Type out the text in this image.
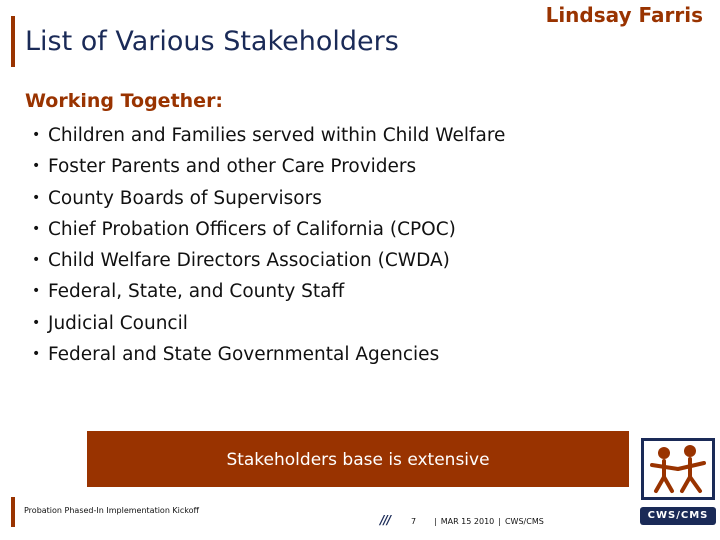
List of Various Stakeholders
Lindsay Farris
Working Together:
• Children and Families served within Child Welfare
• Foster Parents and other Care Providers
• County Boards of Supervisors
• Chief Probation Officers of California (CPOC)
• Child Welfare Directors Association (CWDA)
• Federal, State, and County Staff
• Judicial Council
• Federal and State Governmental Agencies
Stakeholders base is extensive
Probation Phased-In Implementation Kickoff
///	7 | MAR 15 2010 | CWS/CMS
CWS/CMS
